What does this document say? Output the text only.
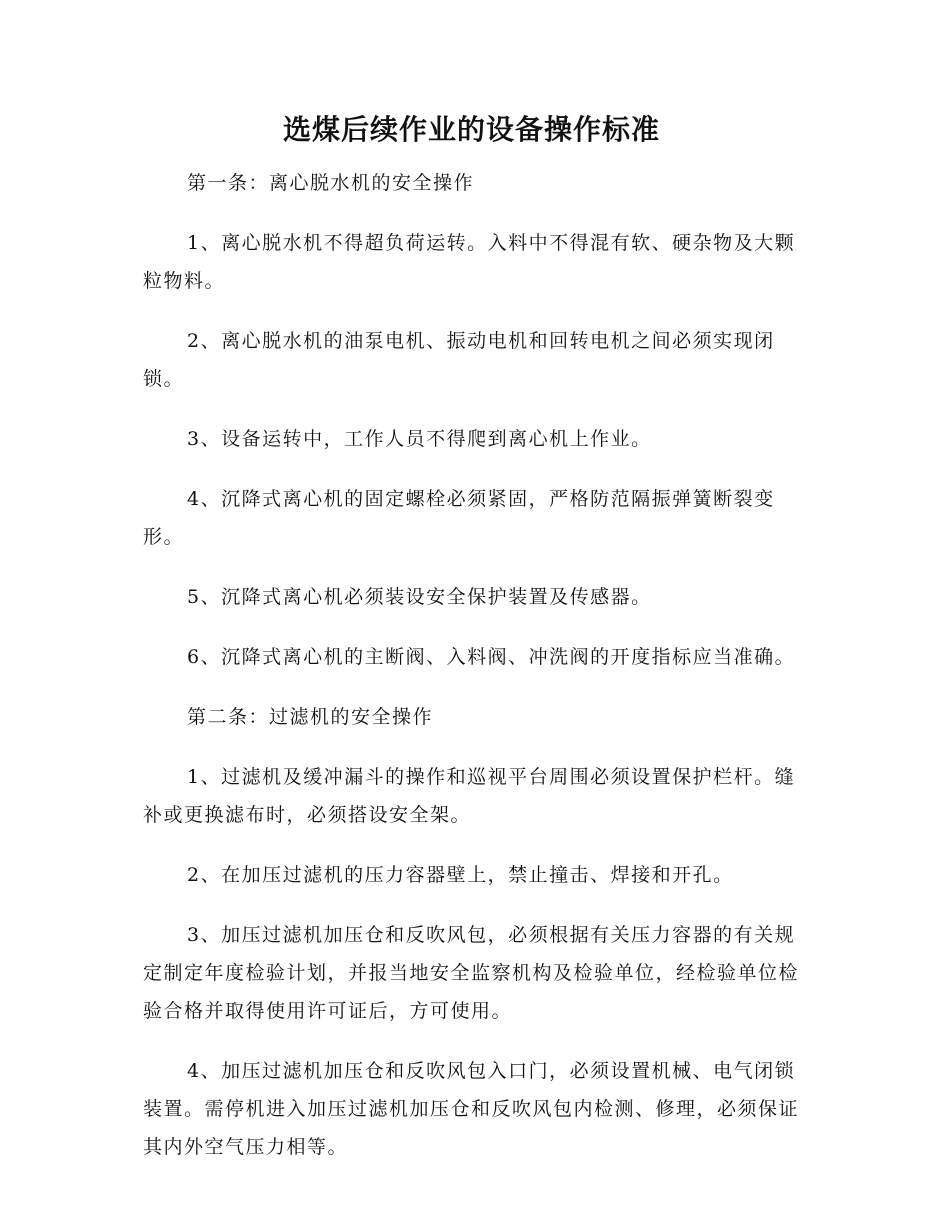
选煤后续作业的设备操作标准

第一条：离心脱水机的安全操作

1、离心脱水机不得超负荷运转。入料中不得混有软、硬杂物及大颗粒物料。

2、离心脱水机的油泵电机、振动电机和回转电机之间必须实现闭锁。

3、设备运转中，工作人员不得爬到离心机上作业。

4、沉降式离心机的固定螺栓必须紧固，严格防范隔振弹簧断裂变形。

5、沉降式离心机必须装设安全保护装置及传感器。

6、沉降式离心机的主断阀、入料阀、冲洗阀的开度指标应当准确。

第二条：过滤机的安全操作

1、过滤机及缓冲漏斗的操作和巡视平台周围必须设置保护栏杆。缝补或更换滤布时，必须搭设安全架。

2、在加压过滤机的压力容器壁上，禁止撞击、焊接和开孔。

3、加压过滤机加压仓和反吹风包，必须根据有关压力容器的有关规定制定年度检验计划，并报当地安全监察机构及检验单位，经检验单位检验合格并取得使用许可证后，方可使用。

4、加压过滤机加压仓和反吹风包入口门，必须设置机械、电气闭锁装置。需停机进入加压过滤机加压仓和反吹风包内检测、修理，必须保证其内外空气压力相等。
